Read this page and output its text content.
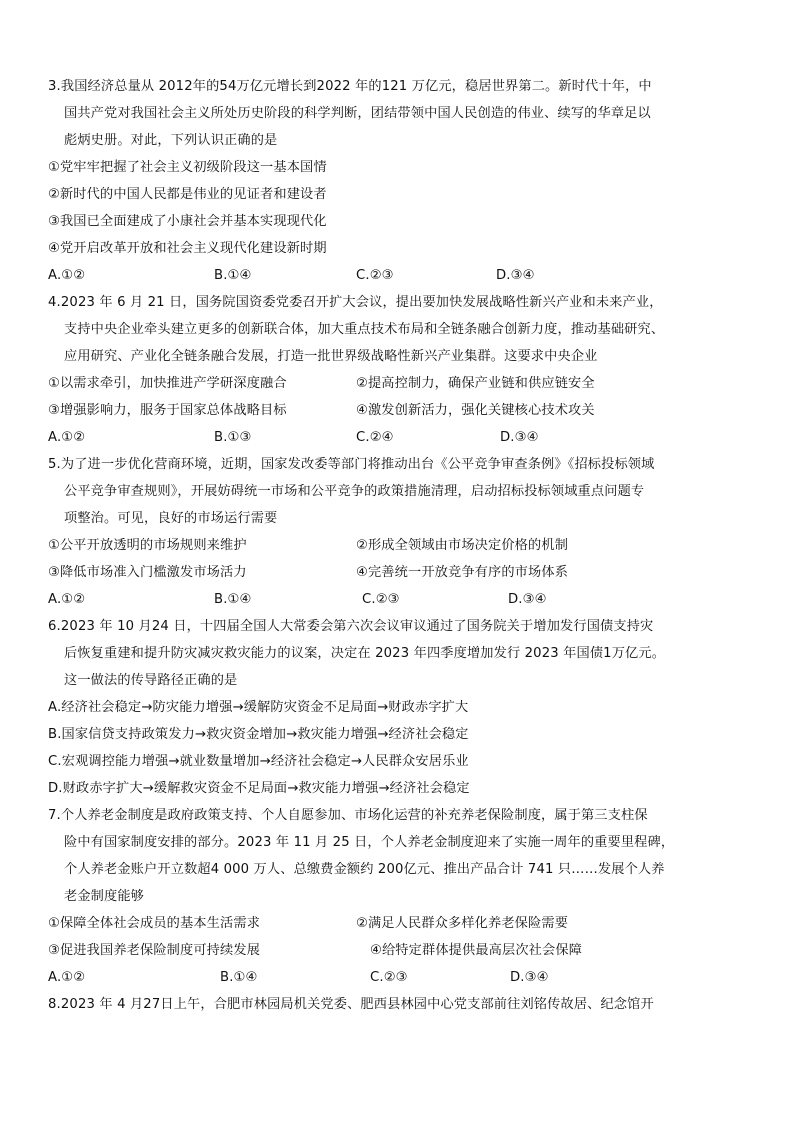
3.我国经济总量从 2012年的54万亿元增长到2022 年的121 万亿元，稳居世界第二。新时代十年，中
国共产党对我国社会主义所处历史阶段的科学判断，团结带领中国人民创造的伟业、续写的华章足以
彪炳史册。对此，下列认识正确的是
①党牢牢把握了社会主义初级阶段这一基本国情
②新时代的中国人民都是伟业的见证者和建设者
③我国已全面建成了小康社会并基本实现现代化
④党开启改革开放和社会主义现代化建设新时期
A.①②	B.①④	C.②③	D.③④
4.2023 年 6 月 21 日，国务院国资委党委召开扩大会议，提出要加快发展战略性新兴产业和未来产业，
支持中央企业牵头建立更多的创新联合体，加大重点技术布局和全链条融合创新力度，推动基础研究、
应用研究、产业化全链条融合发展，打造一批世界级战略性新兴产业集群。这要求中央企业
①以需求牵引，加快推进产学研深度融合	②提高控制力，确保产业链和供应链安全
③增强影响力，服务于国家总体战略目标	④激发创新活力，强化关键核心技术攻关
A.①②	B.①③	C.②④	D.③④
5.为了进一步优化营商环境，近期，国家发改委等部门将推动出台《公平竞争审查条例》《招标投标领域
公平竞争审查规则》，开展妨碍统一市场和公平竞争的政策措施清理，启动招标投标领域重点问题专
项整治。可见，良好的市场运行需要
①公平开放透明的市场规则来维护	②形成全领域由市场决定价格的机制
③降低市场准入门槛激发市场活力	④完善统一开放竞争有序的市场体系
A.①②	B.①④	C.②③	D.③④
6.2023 年 10 月24 日，十四届全国人大常委会第六次会议审议通过了国务院关于增加发行国债支持灾
后恢复重建和提升防灾减灾救灾能力的议案，决定在 2023 年四季度增加发行 2023 年国债1万亿元。
这一做法的传导路径正确的是
A.经济社会稳定→防灾能力增强→缓解防灾资金不足局面→财政赤字扩大
B.国家信贷支持政策发力→救灾资金增加→救灾能力增强→经济社会稳定
C.宏观调控能力增强→就业数量增加→经济社会稳定→人民群众安居乐业
D.财政赤字扩大→缓解救灾资金不足局面→救灾能力增强→经济社会稳定
7.个人养老金制度是政府政策支持、个人自愿参加、市场化运营的补充养老保险制度，属于第三支柱保
险中有国家制度安排的部分。2023 年 11 月 25 日，个人养老金制度迎来了实施一周年的重要里程碑，
个人养老金账户开立数超4 000 万人、总缴费金额约 200亿元、推出产品合计 741 只……发展个人养
老金制度能够
①保障全体社会成员的基本生活需求	②满足人民群众多样化养老保险需要
③促进我国养老保险制度可持续发展	④给特定群体提供最高层次社会保障
A.①②	B.①④	C.②③	D.③④
8.2023 年 4 月27日上午，合肥市林园局机关党委、肥西县林园中心党支部前往刘铭传故居、纪念馆开
